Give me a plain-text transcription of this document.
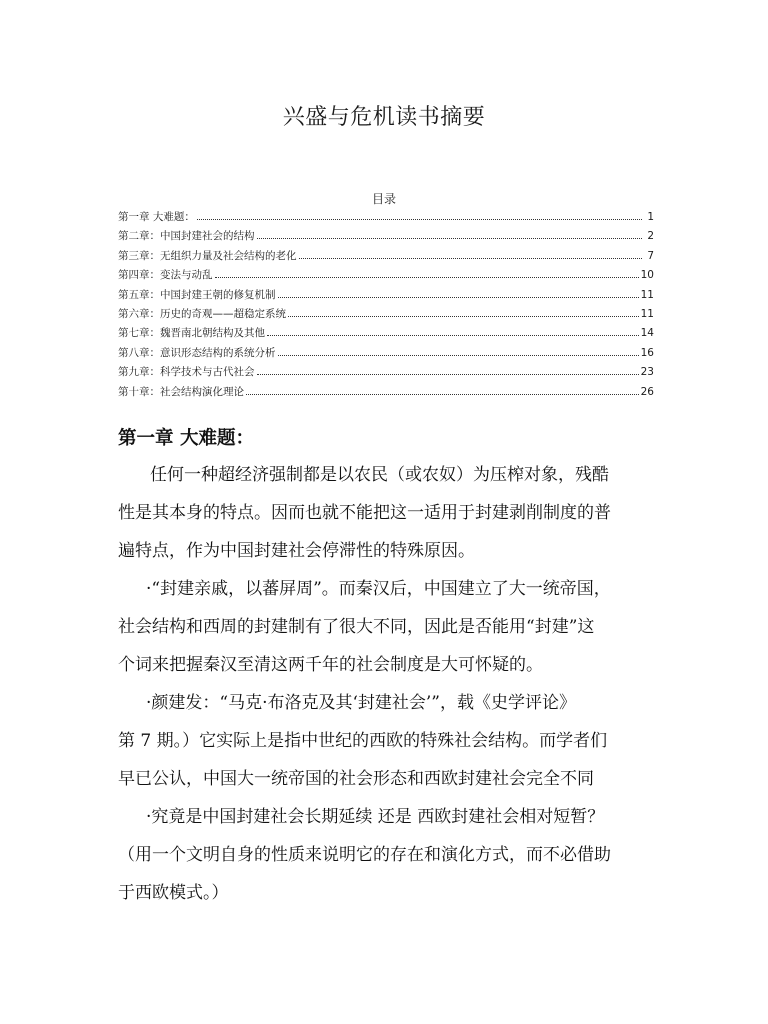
兴盛与危机读书摘要
目录
第一章 大难题：	1
第二章：中国封建社会的结构	2
第三章：无组织力量及社会结构的老化	7
第四章：变法与动乱	10
第五章：中国封建王朝的修复机制	11
第六章：历史的奇观——超稳定系统	11
第七章：魏晋南北朝结构及其他	14
第八章：意识形态结构的系统分析	16
第九章：科学技术与古代社会	23
第十章：社会结构演化理论	26
第一章 大难题：
任何一种超经济强制都是以农民（或农奴）为压榨对象，残酷
性是其本身的特点。因而也就不能把这一适用于封建剥削制度的普
遍特点，作为中国封建社会停滞性的特殊原因。
·“封建亲戚，以蕃屏周”。而秦汉后，中国建立了大一统帝国，
社会结构和西周的封建制有了很大不同，因此是否能用“封建”这
个词来把握秦汉至清这两千年的社会制度是大可怀疑的。
·颜建发：“马克·布洛克及其‘封建社会’”，载《史学评论》
第 7 期。）它实际上是指中世纪的西欧的特殊社会结构。而学者们
早已公认，中国大一统帝国的社会形态和西欧封建社会完全不同
·究竟是中国封建社会长期延续 还是 西欧封建社会相对短暂？
（用一个文明自身的性质来说明它的存在和演化方式，而不必借助
于西欧模式。）
